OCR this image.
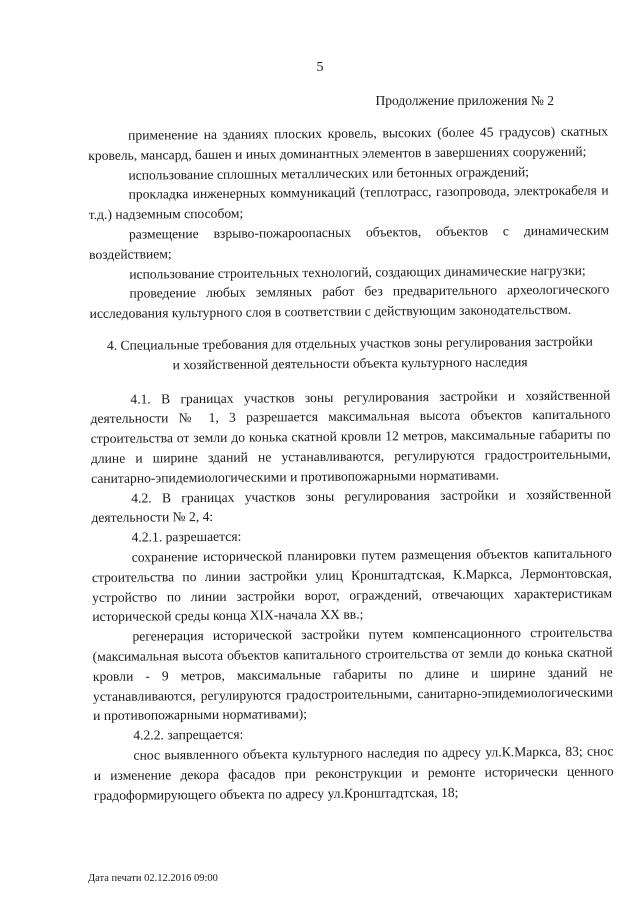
5
Продолжение приложения № 2

применение на зданиях плоских кровель, высоких (более 45 градусов) скатных кровель, мансард, башен и иных доминантных элементов в завершениях сооружений;

использование сплошных металлических или бетонных ограждений;

прокладка инженерных коммуникаций (теплотрасс, газопровода, электрокабеля и т.д.) надземным способом;

размещение взрыво-пожароопасных объектов, объектов с динамическим воздействием;

использование строительных технологий, создающих динамические нагрузки;

проведение любых земляных работ без предварительного археологического исследования культурного слоя в соответствии с действующим законодательством.

4. Специальные требования для отдельных участков зоны регулирования застройки и хозяйственной деятельности объекта культурного наследия

4.1. В границах участков зоны регулирования застройки и хозяйственной деятельности № 1, 3 разрешается максимальная высота объектов капитального строительства от земли до конька скатной кровли 12 метров, максимальные габариты по длине и ширине зданий не устанавливаются, регулируются градостроительными, санитарно-эпидемиологическими и противопожарными нормативами.

4.2. В границах участков зоны регулирования застройки и хозяйственной деятельности № 2, 4:

4.2.1. разрешается:

сохранение исторической планировки путем размещения объектов капитального строительства по линии застройки улиц Кронштадтская, К.Маркса, Лермонтовская, устройство по линии застройки ворот, ограждений, отвечающих характеристикам исторической среды конца XIX-начала XX вв.;

регенерация исторической застройки путем компенсационного строительства (максимальная высота объектов капитального строительства от земли до конька скатной кровли - 9 метров, максимальные габариты по длине и ширине зданий не устанавливаются, регулируются градостроительными, санитарно-эпидемиологическими и противопожарными нормативами);

4.2.2. запрещается:

снос выявленного объекта культурного наследия по адресу ул.К.Маркса, 83; снос и изменение декора фасадов при реконструкции и ремонте исторически ценного градоформирующего объекта по адресу ул.Кронштадтская, 18;

Дата печати 02.12.2016 09:00
